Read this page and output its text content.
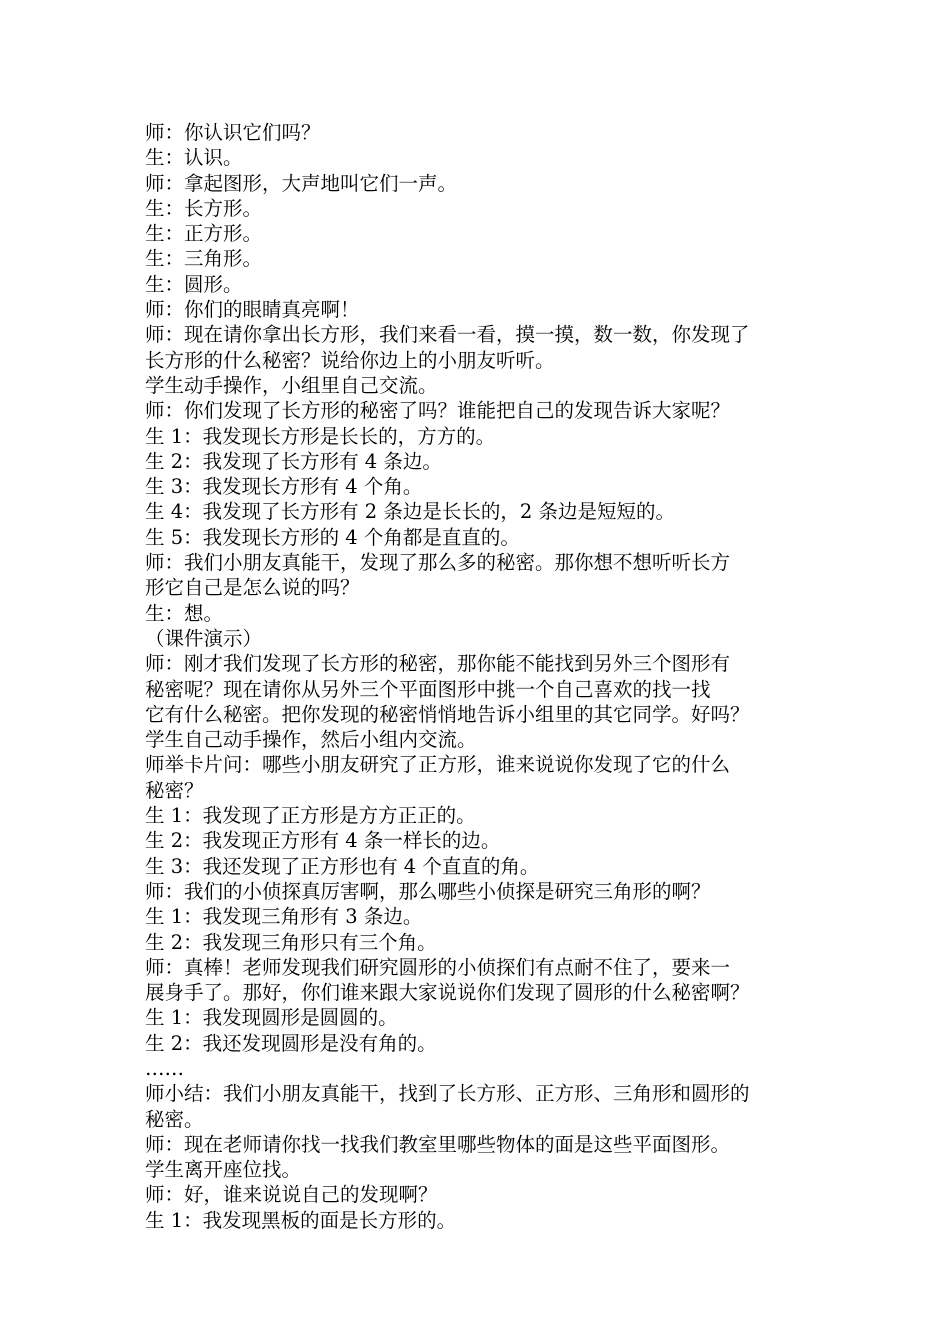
师：你认识它们吗？
生：认识。
师：拿起图形，大声地叫它们一声。
生：长方形。
生：正方形。
生：三角形。
生：圆形。
师：你们的眼睛真亮啊！
师：现在请你拿出长方形，我们来看一看，摸一摸，数一数，你发现了
长方形的什么秘密？说给你边上的小朋友听听。
学生动手操作，小组里自己交流。
师：你们发现了长方形的秘密了吗？谁能把自己的发现告诉大家呢？
生 1：我发现长方形是长长的，方方的。
生 2：我发现了长方形有 4 条边。
生 3：我发现长方形有 4 个角。
生 4：我发现了长方形有 2 条边是长长的，2 条边是短短的。
生 5：我发现长方形的 4 个角都是直直的。
师：我们小朋友真能干，发现了那么多的秘密。那你想不想听听长方
形它自己是怎么说的吗？
生：想。
（课件演示）
师：刚才我们发现了长方形的秘密，那你能不能找到另外三个图形有
秘密呢？现在请你从另外三个平面图形中挑一个自己喜欢的找一找
它有什么秘密。把你发现的秘密悄悄地告诉小组里的其它同学。好吗？
学生自己动手操作，然后小组内交流。
师举卡片问：哪些小朋友研究了正方形，谁来说说你发现了它的什么
秘密？
生 1：我发现了正方形是方方正正的。
生 2：我发现正方形有 4 条一样长的边。
生 3：我还发现了正方形也有 4 个直直的角。
师：我们的小侦探真厉害啊，那么哪些小侦探是研究三角形的啊？
生 1：我发现三角形有 3 条边。
生 2：我发现三角形只有三个角。
师：真棒！老师发现我们研究圆形的小侦探们有点耐不住了，要来一
展身手了。那好，你们谁来跟大家说说你们发现了圆形的什么秘密啊？
生 1：我发现圆形是圆圆的。
生 2：我还发现圆形是没有角的。
……
师小结：我们小朋友真能干，找到了长方形、正方形、三角形和圆形的
秘密。
师：现在老师请你找一找我们教室里哪些物体的面是这些平面图形。
学生离开座位找。
师：好，谁来说说自己的发现啊？
生 1：我发现黑板的面是长方形的。
